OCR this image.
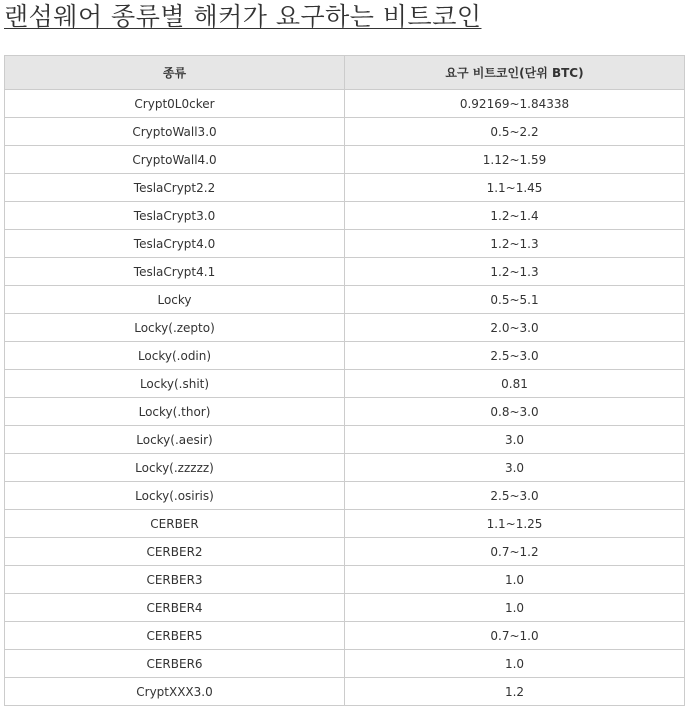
랜섬웨어 종류별 해커가 요구하는 비트코인
종류	요구 비트코인(단위 BTC)
Crypt0L0cker	0.92169~1.84338
CryptoWall3.0	0.5~2.2
CryptoWall4.0	1.12~1.59
TeslaCrypt2.2	1.1~1.45
TeslaCrypt3.0	1.2~1.4
TeslaCrypt4.0	1.2~1.3
TeslaCrypt4.1	1.2~1.3
Locky	0.5~5.1
Locky(.zepto)	2.0~3.0
Locky(.odin)	2.5~3.0
Locky(.shit)	0.81
Locky(.thor)	0.8~3.0
Locky(.aesir)	3.0
Locky(.zzzzz)	3.0
Locky(.osiris)	2.5~3.0
CERBER	1.1~1.25
CERBER2	0.7~1.2
CERBER3	1.0
CERBER4	1.0
CERBER5	0.7~1.0
CERBER6	1.0
CryptXXX3.0	1.2
